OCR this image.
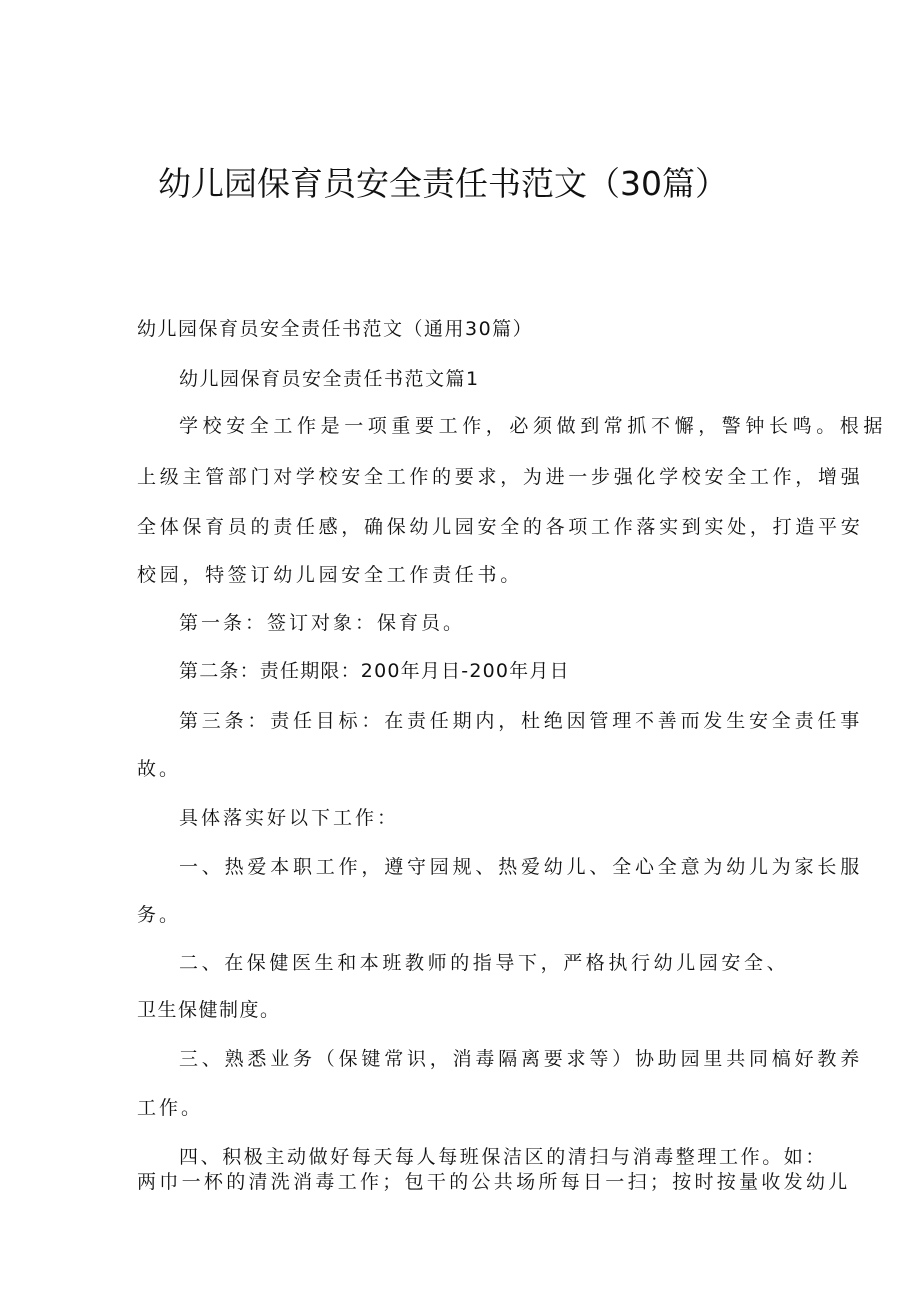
幼儿园保育员安全责任书范文（30篇）
幼儿园保育员安全责任书范文（通用30篇）
幼儿园保育员安全责任书范文篇1
学校安全工作是一项重要工作，必须做到常抓不懈，警钟长鸣。根据
上级主管部门对学校安全工作的要求，为进一步强化学校安全工作，增强
全体保育员的责任感，确保幼儿园安全的各项工作落实到实处，打造平安
校园，特签订幼儿园安全工作责任书。
第一条：签订对象：保育员。
第二条：责任期限：200年月日-200年月日
第三条：责任目标：在责任期内，杜绝因管理不善而发生安全责任事
故。
具体落实好以下工作：
一、热爱本职工作，遵守园规、热爱幼儿、全心全意为幼儿为家长服
务。
二、在保健医生和本班教师的指导下，严格执行幼儿园安全、
卫生保健制度。
三、熟悉业务（保键常识，消毒隔离要求等）协助园里共同槁好教养
工作。
四、积极主动做好每天每人每班保洁区的清扫与消毒整理工作。如：
两巾一杯的清洗消毒工作；包干的公共场所每日一扫；按时按量收发幼儿
